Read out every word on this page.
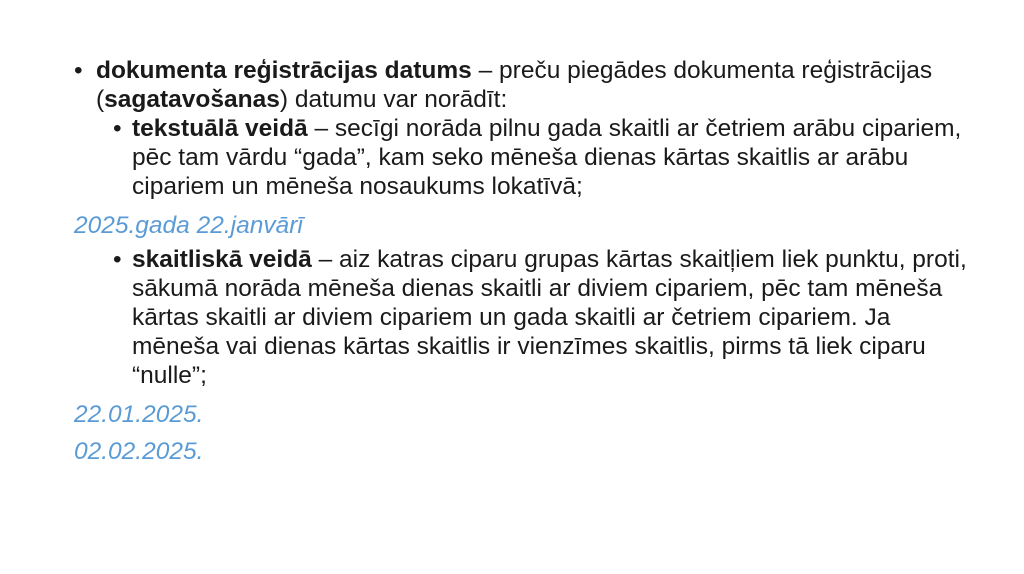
• dokumenta reģistrācijas datums – preču piegādes dokumenta reģistrācijas (sagatavošanas) datumu var norādīt:
• tekstuālā veidā – secīgi norāda pilnu gada skaitli ar četriem arābu cipariem, pēc tam vārdu “gada”, kam seko mēneša dienas kārtas skaitlis ar arābu cipariem un mēneša nosaukums lokatīvā;
2025.gada 22.janvārī
• skaitliskā veidā – aiz katras ciparu grupas kārtas skaitļiem liek punktu, proti, sākumā norāda mēneša dienas skaitli ar diviem cipariem, pēc tam mēneša kārtas skaitli ar diviem cipariem un gada skaitli ar četriem cipariem. Ja mēneša vai dienas kārtas skaitlis ir vienzīmes skaitlis, pirms tā liek ciparu “nulle”;
22.01.2025.
02.02.2025.
